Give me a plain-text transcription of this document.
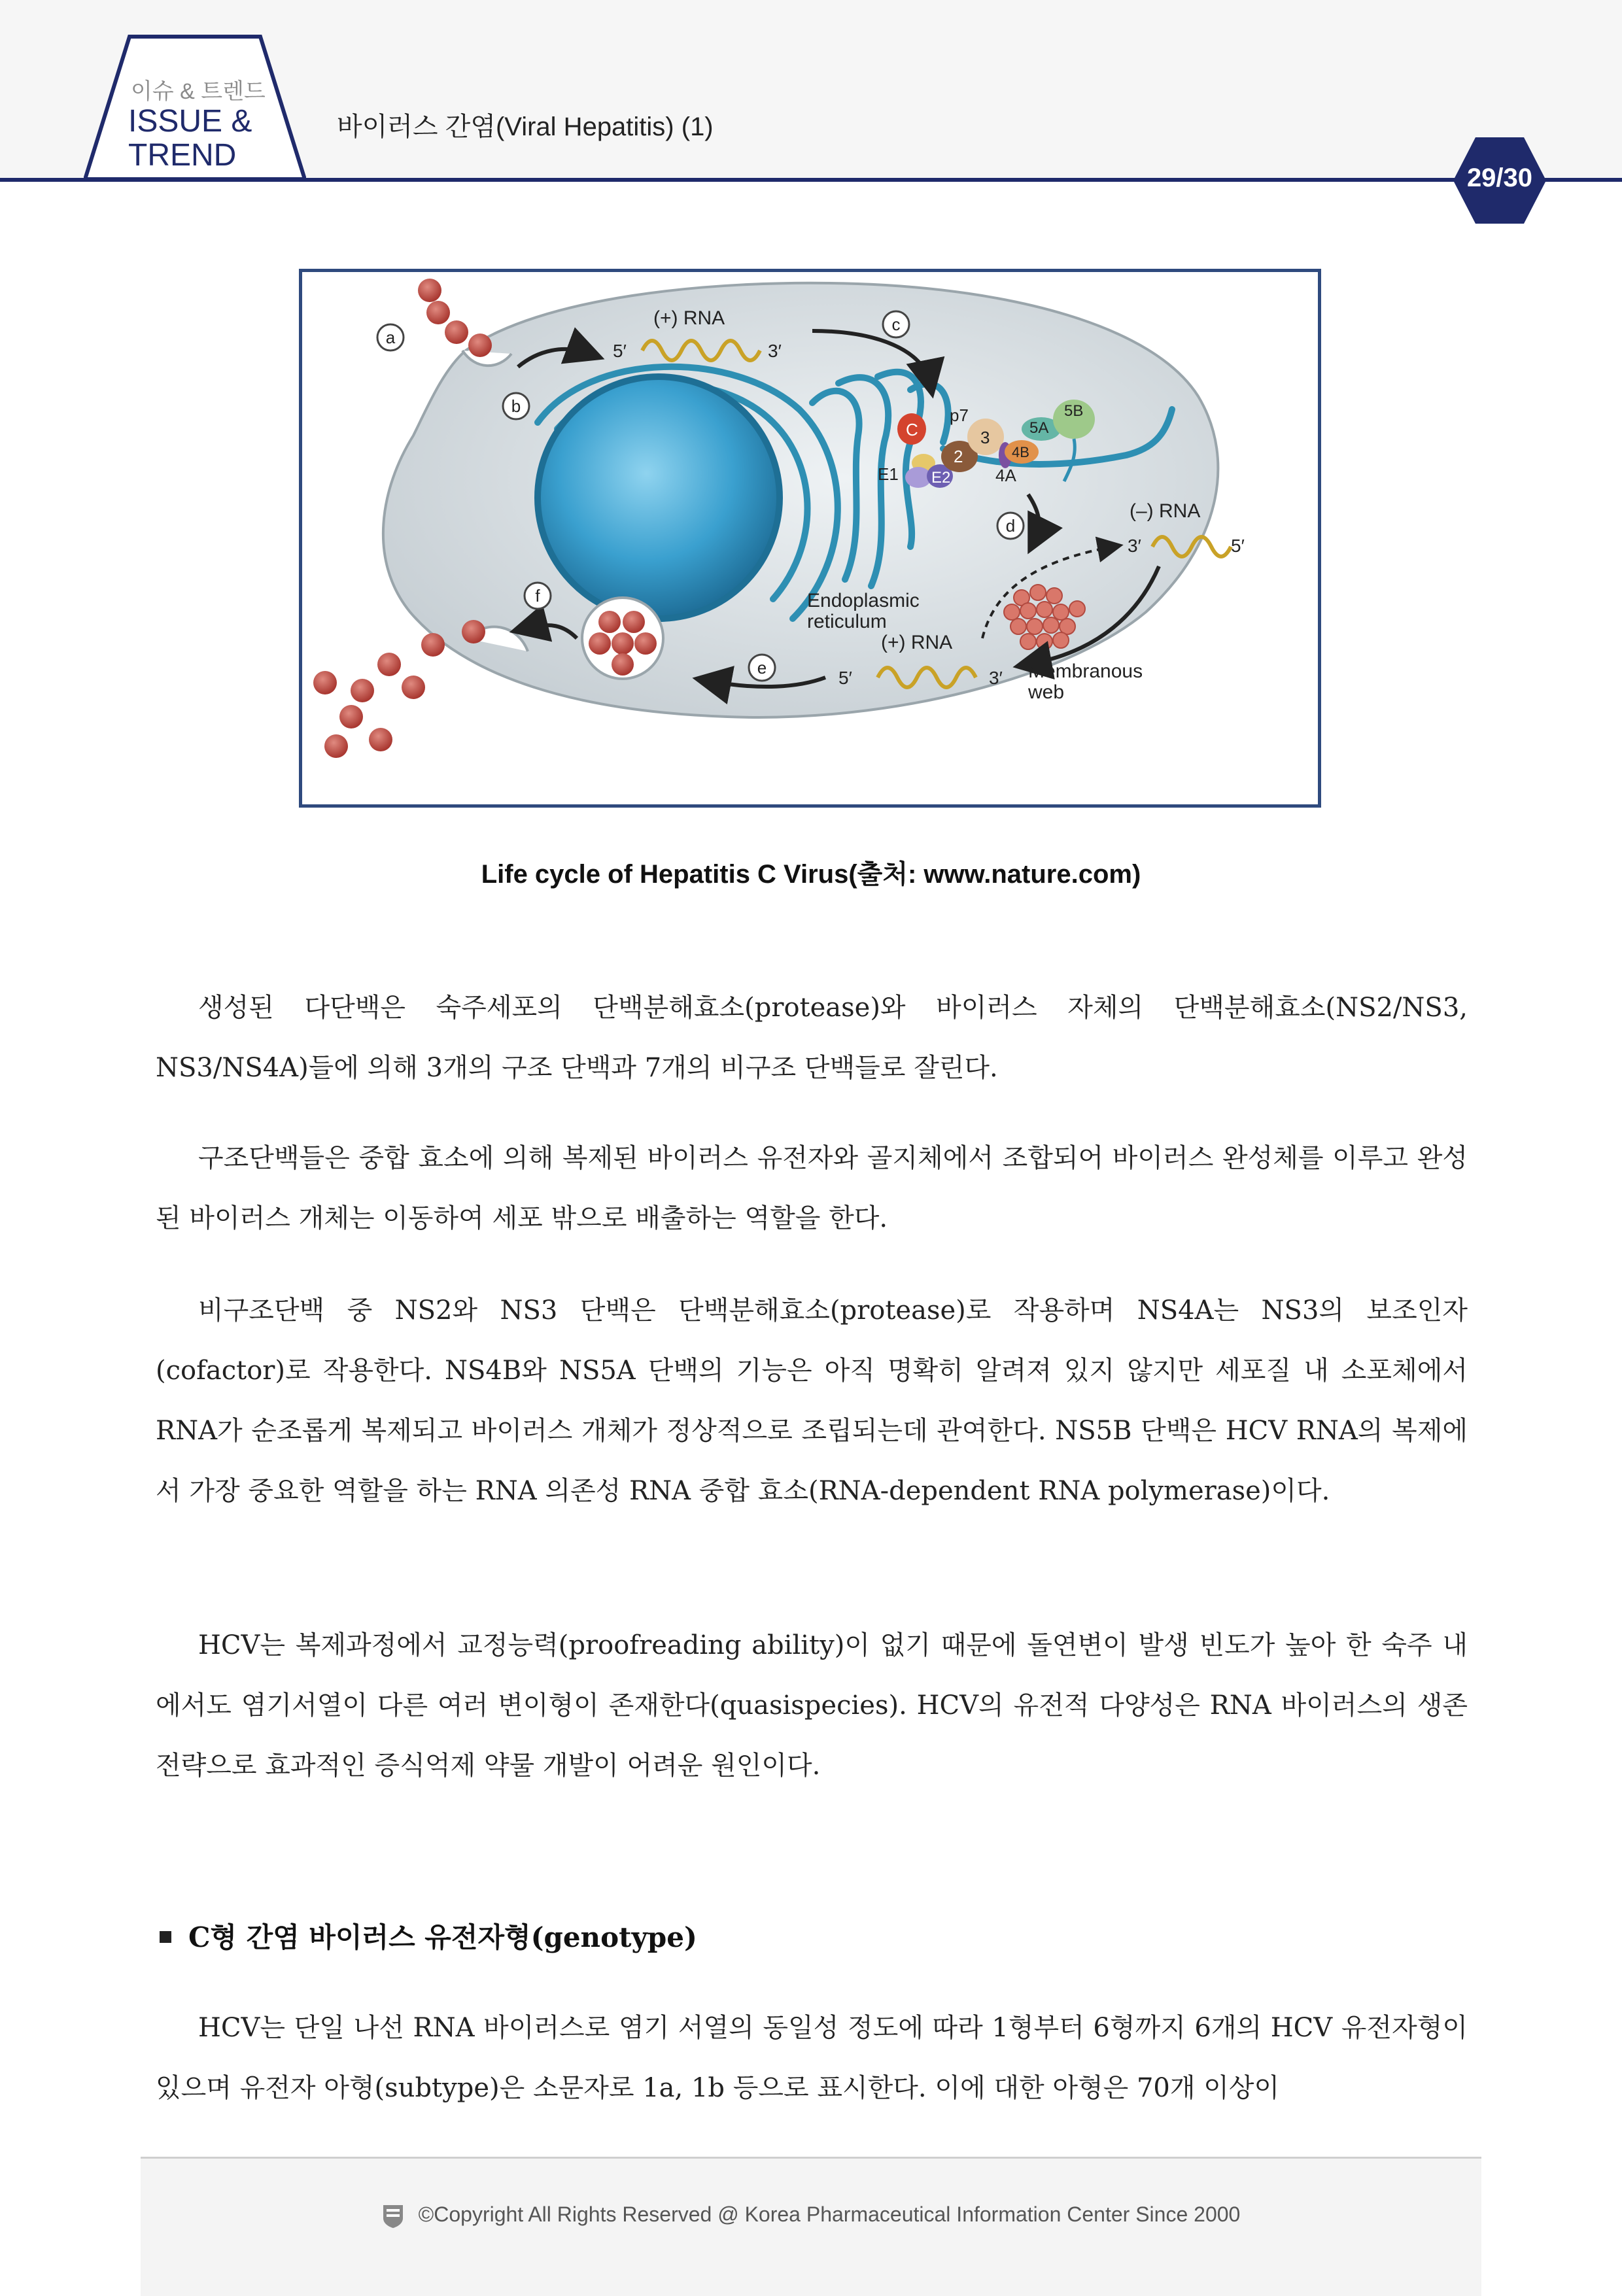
이슈 & 트렌드
ISSUE &
TREND
바이러스 간염(Viral Hepatitis) (1)
29/30
a
b
c
d
e
f
(+) RNA
5′	3′
(–) RNA
3′	5′
(+) RNA
5′	3′
Endoplasmic
reticulum
Membranous
web
C
p7
E1 E2
2
3	5A
5B
4B
4A
Life cycle of Hepatitis C Virus(출처: www.nature.com)

생성된 다단백은 숙주세포의 단백분해효소(protease)와 바이러스 자체의 단백분해효소(NS2/NS3, NS3/NS4A)들에 의해 3개의 구조 단백과 7개의 비구조 단백들로 잘린다.

구조단백들은 중합 효소에 의해 복제된 바이러스 유전자와 골지체에서 조합되어 바이러스 완성체를 이루고 완성된 바이러스 개체는 이동하여 세포 밖으로 배출하는 역할을 한다.

비구조단백 중 NS2와 NS3 단백은 단백분해효소(protease)로 작용하며 NS4A는 NS3의 보조인자(cofactor)로 작용한다. NS4B와 NS5A 단백의 기능은 아직 명확히 알려져 있지 않지만 세포질 내 소포체에서 RNA가 순조롭게 복제되고 바이러스 개체가 정상적으로 조립되는데 관여한다. NS5B 단백은 HCV RNA의 복제에서 가장 중요한 역할을 하는 RNA 의존성 RNA 중합 효소(RNA-dependent RNA polymerase)이다.

HCV는 복제과정에서 교정능력(proofreading ability)이 없기 때문에 돌연변이 발생 빈도가 높아 한 숙주 내에서도 염기서열이 다른 여러 변이형이 존재한다(quasispecies). HCV의 유전적 다양성은 RNA 바이러스의 생존전략으로 효과적인 증식억제 약물 개발이 어려운 원인이다.

C형 간염 바이러스 유전자형(genotype)

HCV는 단일 나선 RNA 바이러스로 염기 서열의 동일성 정도에 따라 1형부터 6형까지 6개의 HCV 유전자형이 있으며 유전자 아형(subtype)은 소문자로 1a, 1b 등으로 표시한다. 이에 대한 아형은 70개 이상이

©Copyright All Rights Reserved @ Korea Pharmaceutical Information Center Since 2000
